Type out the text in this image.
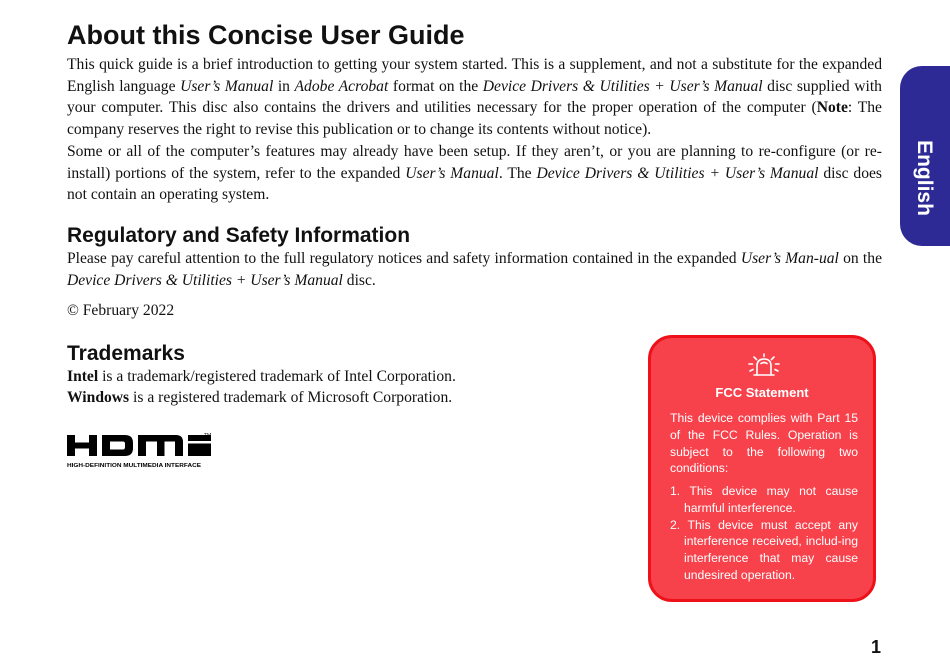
About this Concise User Guide

This quick guide is a brief introduction to getting your system started. This is a supplement, and not a substitute for the expanded English language User’s Manual in Adobe Acrobat format on the Device Drivers & Utilities + User’s Manual disc supplied with your computer. This disc also contains the drivers and utilities necessary for the proper operation of the computer (Note: The company reserves the right to revise this publication or to change its contents without notice).

Some or all of the computer’s features may already have been setup. If they aren’t, or you are planning to re-configure (or re-install) portions of the system, refer to the expanded User’s Manual. The Device Drivers & Utilities + User’s Manual disc does not contain an operating system.

Regulatory and Safety Information

Please pay careful attention to the full regulatory notices and safety information contained in the expanded User’s Man-ual on the Device Drivers & Utilities + User’s Manual disc.

© February 2022

Trademarks

Intel is a trademark/registered trademark of Intel Corporation.

Windows is a registered trademark of Microsoft Corporation.

TM
HIGH-DEFINITION MULTIMEDIA INTERFACE
English
FCC Statement

This device complies with Part 15 of the FCC Rules. Operation is subject to the following two conditions:

1. This device may not cause harmful interference.
2. This device must accept any interference received, includ-ing interference that may cause undesired operation.
1
